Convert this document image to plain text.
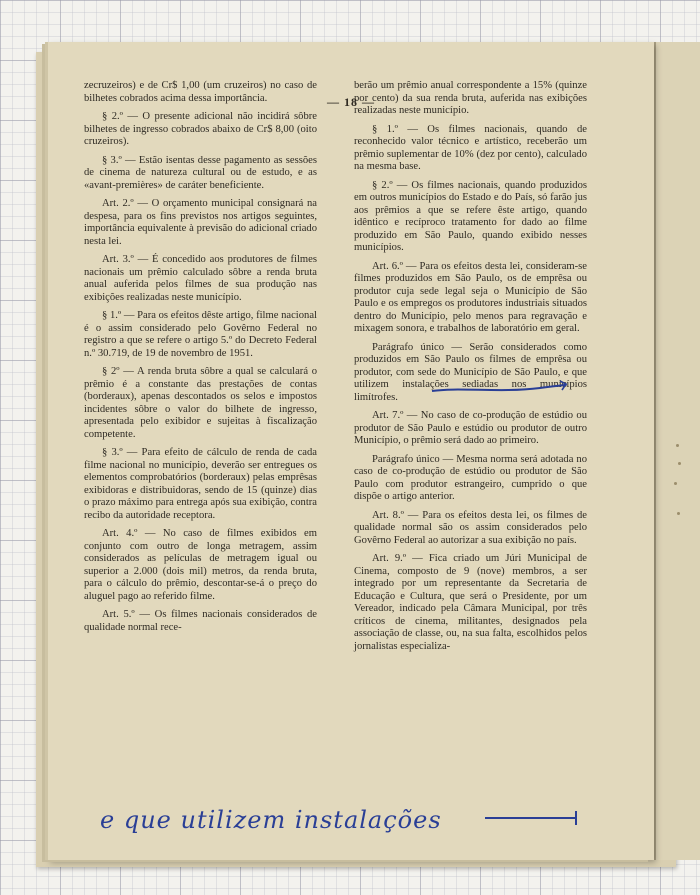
— 18 —

zecruzeiros) e de Cr$ 1,00 (um cruzeiros) no caso de bilhetes cobrados acima dessa importância.

§ 2.º — O presente adicional não incidirá sôbre bilhetes de ingresso cobrados abaixo de Cr$ 8,00 (oito cruzeiros).

§ 3.º — Estão isentas desse pagamento as sessões de cinema de natureza cultural ou de estudo, e as «avant-premières» de caráter beneficiente.

Art. 2.º — O orçamento municipal consignará na despesa, para os fins previstos nos artigos seguintes, importância equivalente à previsão do adicional criado nesta lei.

Art. 3.º — É concedido aos produtores de filmes nacionais um prêmio calculado sôbre a renda bruta anual auferida pelos filmes de sua produção nas exibições realizadas neste município.

§ 1.º — Para os efeitos dêste artigo, filme nacional é o assim considerado pelo Govêrno Federal no registro a que se refere o artigo 5.º do Decreto Federal n.º 30.719, de 19 de novembro de 1951.

§ 2º — A renda bruta sôbre a qual se calculará o prêmio é a constante das prestações de contas (borderaux), apenas descontados os selos e impostos incidentes sôbre o valor do bilhete de ingresso, apresentada pelo exibidor e sujeitas à fiscalização competente.

§ 3.º — Para efeito de cálculo de renda de cada filme nacional no município, deverão ser entregues os elementos comprobatórios (borderaux) pelas emprêsas exibidoras e distribuidoras, sendo de 15 (quinze) dias o prazo máximo para entrega após sua exibição, contra recibo da autoridade receptora.

Art. 4.º — No caso de filmes exibidos em conjunto com outro de longa metragem, assim considerados as películas de metragem igual ou superior a 2.000 (dois mil) metros, da renda bruta, para o cálculo do prêmio, descontar-se-á o preço do aluguel pago ao referido filme.

Art. 5.º — Os filmes nacionais considerados de qualidade normal rece-

berão um prêmio anual correspondente a 15% (quinze por cento) da sua renda bruta, auferida nas exibições realizadas neste município.

§ 1.º — Os filmes nacionais, quando de reconhecido valor técnico e artístico, receberão um prêmio suplementar de 10% (dez por cento), calculado na mesma base.

§ 2.º — Os filmes nacionais, quando produzidos em outros municípios do Estado e do País, só farão jus aos prêmios a que se refere êste artigo, quando idêntico e recíproco tratamento for dado ao filme produzido em São Paulo, quando exibido nesses municípios.

Art. 6.º — Para os efeitos desta lei, consideram-se filmes produzidos em São Paulo, os de emprêsa ou produtor cuja sede legal seja o Município de São Paulo e os empregos os produtores industriais situados dentro do Município, pelo menos para regravação e mixagem sonora, e trabalhos de laboratório em geral.

Parágrafo único — Serão considerados como produzidos em São Paulo os filmes de emprêsa ou produtor, com sede do Município de São Paulo, e que utilizem instalações sediadas nos municípios limítrofes.

Art. 7.º — No caso de co-produção de estúdio ou produtor de São Paulo e estúdio ou produtor de outro Município, o prêmio será dado ao primeiro.

Parágrafo único — Mesma norma será adotada no caso de co-produção de estúdio ou produtor de São Paulo com produtor estrangeiro, cumprido o que dispõe o artigo anterior.

Art. 8.º — Para os efeitos desta lei, os filmes de qualidade normal são os assim considerados pelo Govêrno Federal ao autorizar a sua exibição no país.

Art. 9.º — Fica criado um Júri Municipal de Cinema, composto de 9 (nove) membros, a ser integrado por um representante da Secretaria de Educação e Cultura, que será o Presidente, por um Vereador, indicado pela Câmara Municipal, por três críticos de cinema, militantes, designados pela associação de classe, ou, na sua falta, escolhidos pelos jornalistas especializa-

e que utilizem instalações
